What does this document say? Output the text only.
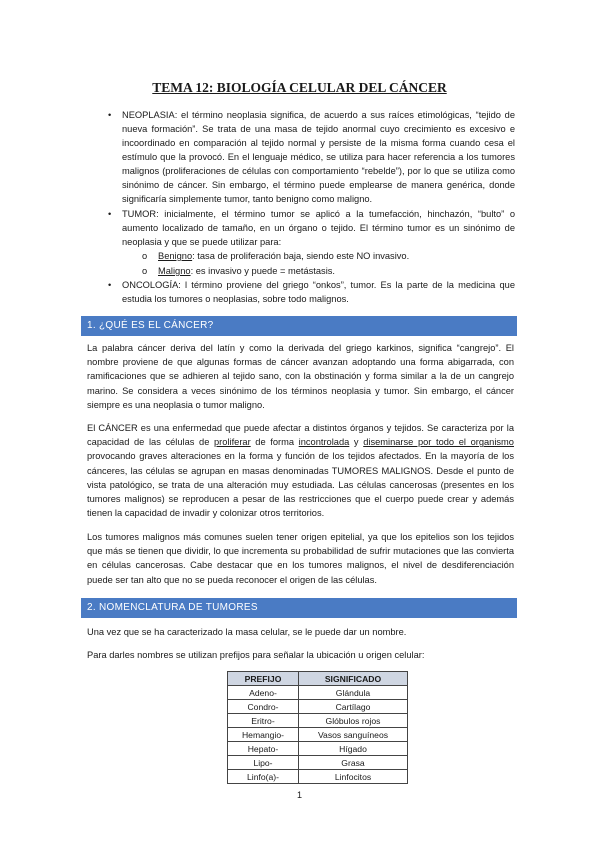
TEMA 12: BIOLOGÍA CELULAR DEL CÁNCER
• NEOPLASIA: el término neoplasia significa, de acuerdo a sus raíces etimológicas, “tejido de nueva formación”. Se trata de una masa de tejido anormal cuyo crecimiento es excesivo e incoordinado en comparación al tejido normal y persiste de la misma forma cuando cesa el estímulo que la provocó. En el lenguaje médico, se utiliza para hacer referencia a los tumores malignos (proliferaciones de células con comportamiento “rebelde”), por lo que se utiliza como sinónimo de cáncer. Sin embargo, el término puede emplearse de manera genérica, donde significaría simplemente tumor, tanto benigno como maligno.
• TUMOR: inicialmente, el término tumor se aplicó a la tumefacción, hinchazón, “bulto” o aumento localizado de tamaño, en un órgano o tejido. El término tumor es un sinónimo de neoplasia y que se puede utilizar para:
o Benigno: tasa de proliferación baja, siendo este NO invasivo.
o Maligno: es invasivo y puede = metástasis.
• ONCOLOGÍA: l término proviene del griego “onkos”, tumor. Es la parte de la medicina que estudia los tumores o neoplasias, sobre todo malignos.
1. ¿QUÉ ES EL CÁNCER?
La palabra cáncer deriva del latín y como la derivada del griego karkinos, significa “cangrejo”. El nombre proviene de que algunas formas de cáncer avanzan adoptando una forma abigarrada, con ramificaciones que se adhieren al tejido sano, con la obstinación y forma similar a la de un cangrejo marino. Se considera a veces sinónimo de los términos neoplasia y tumor. Sin embargo, el cáncer siempre es una neoplasia o tumor maligno.
El CÁNCER es una enfermedad que puede afectar a distintos órganos y tejidos. Se caracteriza por la capacidad de las células de proliferar de forma incontrolada y diseminarse por todo el organismo provocando graves alteraciones en la forma y función de los tejidos afectados. En la mayoría de los cánceres, las células se agrupan en masas denominadas TUMORES MALIGNOS. Desde el punto de vista patológico, se trata de una alteración muy estudiada. Las células cancerosas (presentes en los tumores malignos) se reproducen a pesar de las restricciones que el cuerpo puede crear y además tienen la capacidad de invadir y colonizar otros territorios.
Los tumores malignos más comunes suelen tener origen epitelial, ya que los epitelios son los tejidos que más se tienen que dividir, lo que incrementa su probabilidad de sufrir mutaciones que las convierta en células cancerosas. Cabe destacar que en los tumores malignos, el nivel de desdiferenciación puede ser tan alto que no se pueda reconocer el origen de las células.
2. NOMENCLATURA DE TUMORES
Una vez que se ha caracterizado la masa celular, se le puede dar un nombre.
Para darles nombres se utilizan prefijos para señalar la ubicación u origen celular:
PREFIJO	SIGNIFICADO
Adeno-	Glándula
Condro-	Cartílago
Eritro-	Glóbulos rojos
Hemangio-	Vasos sanguíneos
Hepato-	Hígado
Lipo-	Grasa
Linfo(a)-	Linfocitos
1
